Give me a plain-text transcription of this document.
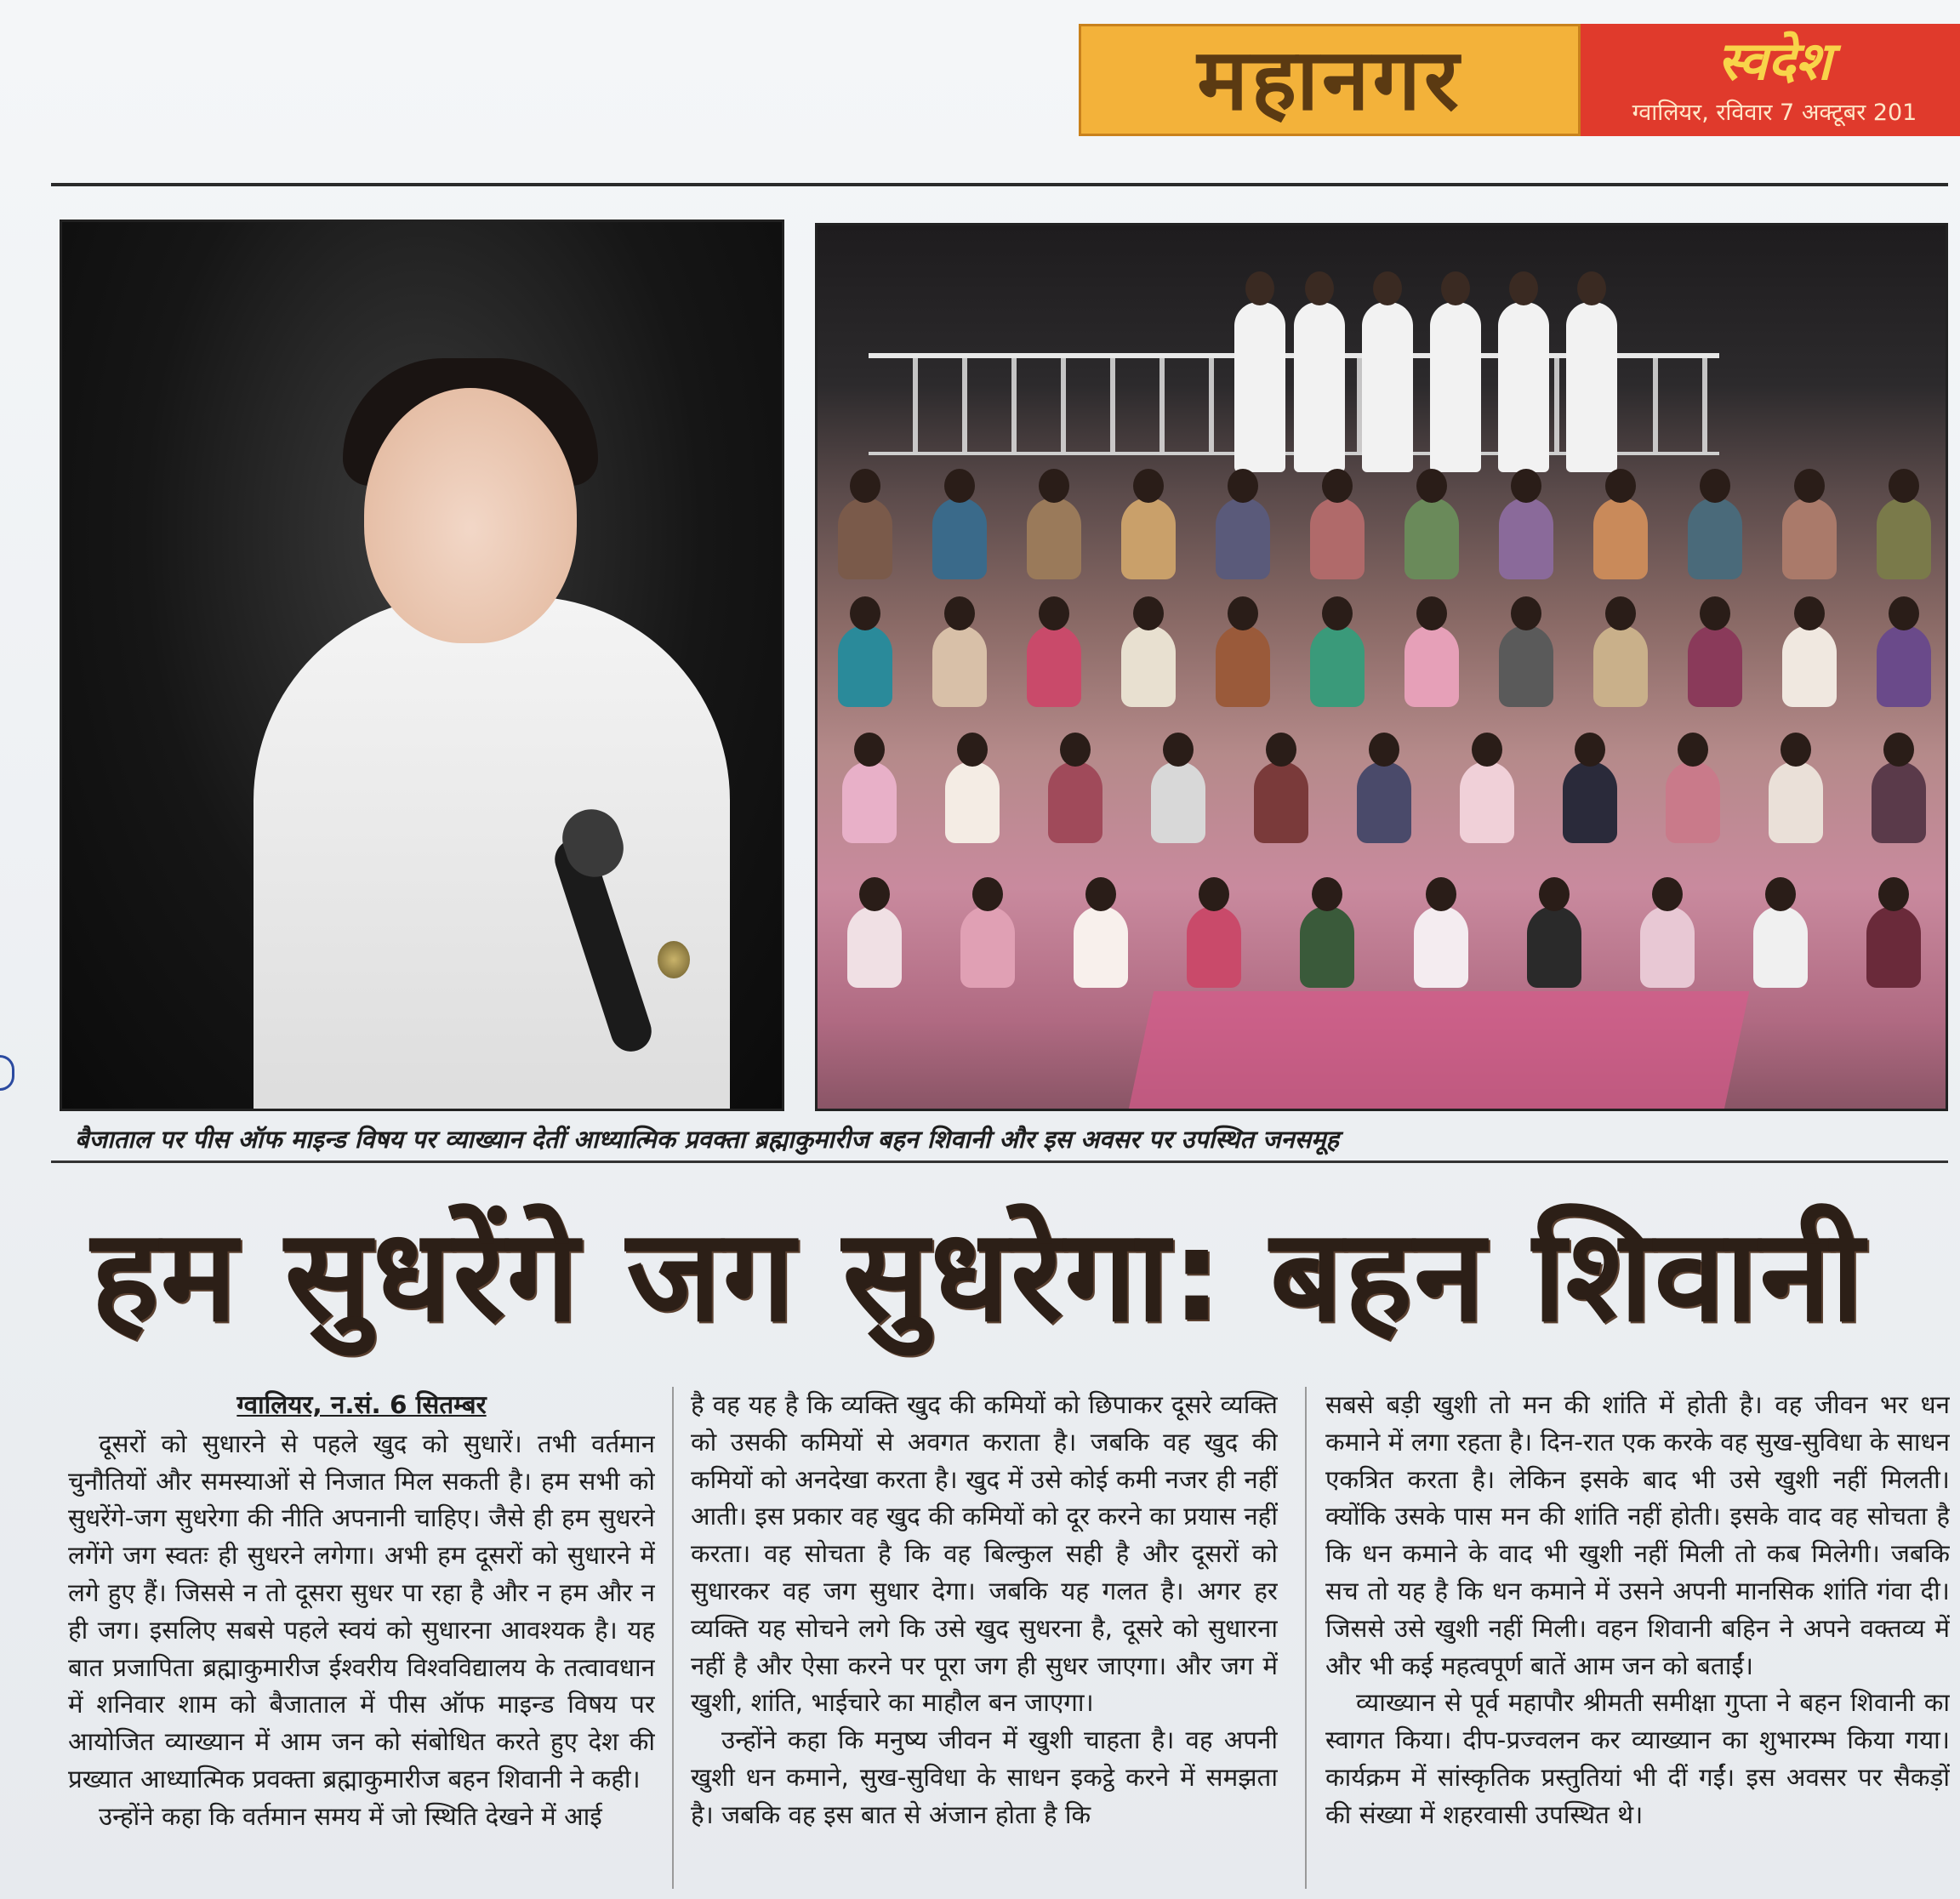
महानगर	स्वदेश
ग्वालियर, रविवार 7 अक्टूबर 201
बैजाताल पर पीस ऑफ माइन्ड विषय पर व्याख्यान देतीं आध्यात्मिक प्रवक्ता ब्रह्माकुमारीज बहन शिवानी और इस अवसर पर उपस्थित जनसमूह
हम सुधरेंगे जग सुधरेगा: बहन शिवानी
ग्वालियर, न.सं. 6 सितम्बर

दूसरों को सुधारने से पहले खुद को सुधारें। तभी वर्तमान चुनौतियों और समस्याओं से निजात मिल सकती है। हम सभी को सुधरेंगे-जग सुधरेगा की नीति अपनानी चाहिए। जैसे ही हम सुधरने लगेंगे जग स्वतः ही सुधरने लगेगा। अभी हम दूसरों को सुधारने में लगे हुए हैं। जिससे न तो दूसरा सुधर पा रहा है और न हम और न ही जग। इसलिए सबसे पहले स्वयं को सुधारना आवश्यक है। यह बात प्रजापिता ब्रह्माकुमारीज ईश्वरीय विश्वविद्यालय के तत्वावधान में शनिवार शाम को बैजाताल में पीस ऑफ माइन्ड विषय पर आयोजित व्याख्यान में आम जन को संबोधित करते हुए देश की प्रख्यात आध्यात्मिक प्रवक्ता ब्रह्माकुमारीज बहन शिवानी ने कही।

उन्होंने कहा कि वर्तमान समय में जो स्थिति देखने में आई

है वह यह है कि व्यक्ति खुद की कमियों को छिपाकर दूसरे व्यक्ति को उसकी कमियों से अवगत कराता है। जबकि वह खुद की कमियों को अनदेखा करता है। खुद में उसे कोई कमी नजर ही नहीं आती। इस प्रकार वह खुद की कमियों को दूर करने का प्रयास नहीं करता। वह सोचता है कि वह बिल्कुल सही है और दूसरों को सुधारकर वह जग सुधार देगा। जबकि यह गलत है। अगर हर व्यक्ति यह सोचने लगे कि उसे खुद सुधरना है, दूसरे को सुधारना नहीं है और ऐसा करने पर पूरा जग ही सुधर जाएगा। और जग में खुशी, शांति, भाईचारे का माहौल बन जाएगा।

उन्होंने कहा कि मनुष्य जीवन में खुशी चाहता है। वह अपनी खुशी धन कमाने, सुख-सुविधा के साधन इकट्ठे करने में समझता है। जबकि वह इस बात से अंजान होता है कि

सबसे बड़ी खुशी तो मन की शांति में होती है। वह जीवन भर धन कमाने में लगा रहता है। दिन-रात एक करके वह सुख-सुविधा के साधन एकत्रित करता है। लेकिन इसके बाद भी उसे खुशी नहीं मिलती। क्योंकि उसके पास मन की शांति नहीं होती। इसके वाद वह सोचता है कि धन कमाने के वाद भी खुशी नहीं मिली तो कब मिलेगी। जबकि सच तो यह है कि धन कमाने में उसने अपनी मानसिक शांति गंवा दी। जिससे उसे खुशी नहीं मिली। वहन शिवानी बहिन ने अपने वक्तव्य में और भी कई महत्वपूर्ण बातें आम जन को बताईं।

व्याख्यान से पूर्व महापौर श्रीमती समीक्षा गुप्ता ने बहन शिवानी का स्वागत किया। दीप-प्रज्वलन कर व्याख्यान का शुभारम्भ किया गया। कार्यक्रम में सांस्कृतिक प्रस्तुतियां भी दीं गईं। इस अवसर पर सैकड़ों की संख्या में शहरवासी उपस्थित थे।
